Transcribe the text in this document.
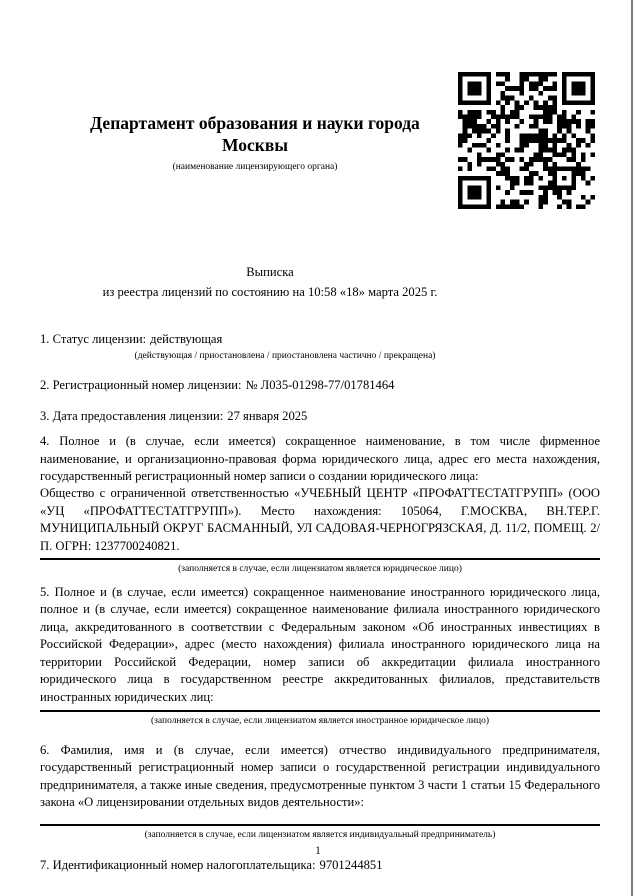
Департамент образования и науки города
Москвы
(наименование лицензирующего органа)
Выписка
из реестра лицензий по состоянию на 10:58 «18» марта 2025 г.
1. Статус лицензии: действующая
(действующая / приостановлена / приостановлена частично / прекращена)
2. Регистрационный номер лицензии: № Л035-01298-77/01781464
3. Дата предоставления лицензии: 27 января 2025
4. Полное и (в случае, если имеется) сокращенное наименование, в том числе фирменное наименование, и организационно-правовая форма юридического лица, адрес его места нахождения, государственный регистрационный номер записи о создании юридического лица:
Общество с ограниченной ответственностью «УЧЕБНЫЙ ЦЕНТР «ПРОФАТТЕСТАТГРУПП» (ООО «УЦ «ПРОФАТТЕСТАТГРУПП»). Место нахождения: 105064, Г.МОСКВА, ВН.ТЕР.Г. МУНИЦИПАЛЬНЫЙ ОКРУГ БАСМАННЫЙ, УЛ САДОВАЯ-ЧЕРНОГРЯЗСКАЯ, Д. 11/2, ПОМЕЩ. 2/П. ОГРН: 1237700240821.
(заполняется в случае, если лицензиатом является юридическое лицо)
5. Полное и (в случае, если имеется) сокращенное наименование иностранного юридического лица, полное и (в случае, если имеется) сокращенное наименование филиала иностранного юридического лица, аккредитованного в соответствии с Федеральным законом «Об иностранных инвестициях в Российской Федерации», адрес (место нахождения) филиала иностранного юридического лица на территории Российской Федерации, номер записи об аккредитации филиала иностранного юридического лица в государственном реестре аккредитованных филиалов, представительств иностранных юридических лиц:
(заполняется в случае, если лицензиатом является иностранное юридическое лицо)
6. Фамилия, имя и (в случае, если имеется) отчество индивидуального предпринимателя, государственный регистрационный номер записи о государственной регистрации индивидуального предпринимателя, а также иные сведения, предусмотренные пунктом 3 части 1 статьи 15 Федерального закона «О лицензировании отдельных видов деятельности»:
(заполняется в случае, если лицензиатом является индивидуальный предприниматель)
7. Идентификационный номер налогоплательщика: 9701244851
1
